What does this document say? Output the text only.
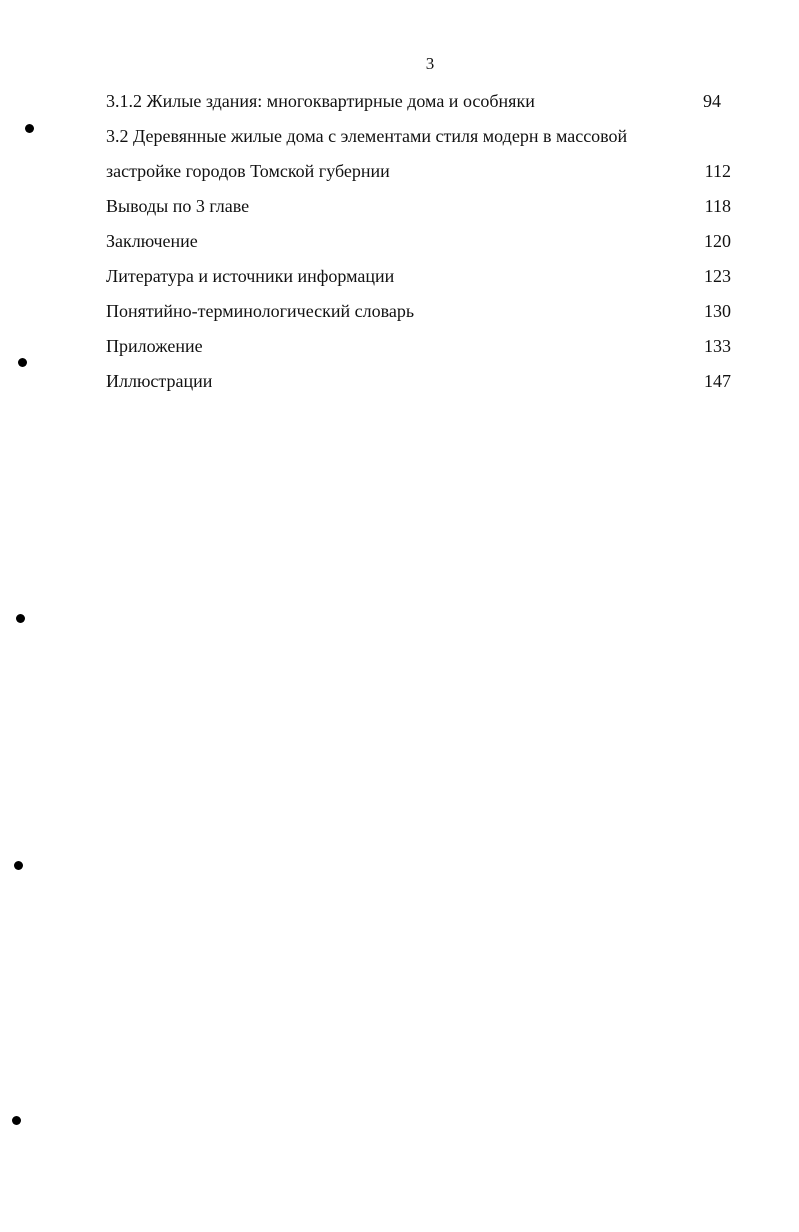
3
3.1.2 Жилые здания: многоквартирные дома и особняки	94
3.2 Деревянные жилые дома с элементами стиля модерн в массовой застройке городов Томской губернии	112
Выводы по 3 главе	118
Заключение	120
Литература и источники информации	123
Понятийно-терминологический словарь	130
Приложение	133
Иллюстрации	147
